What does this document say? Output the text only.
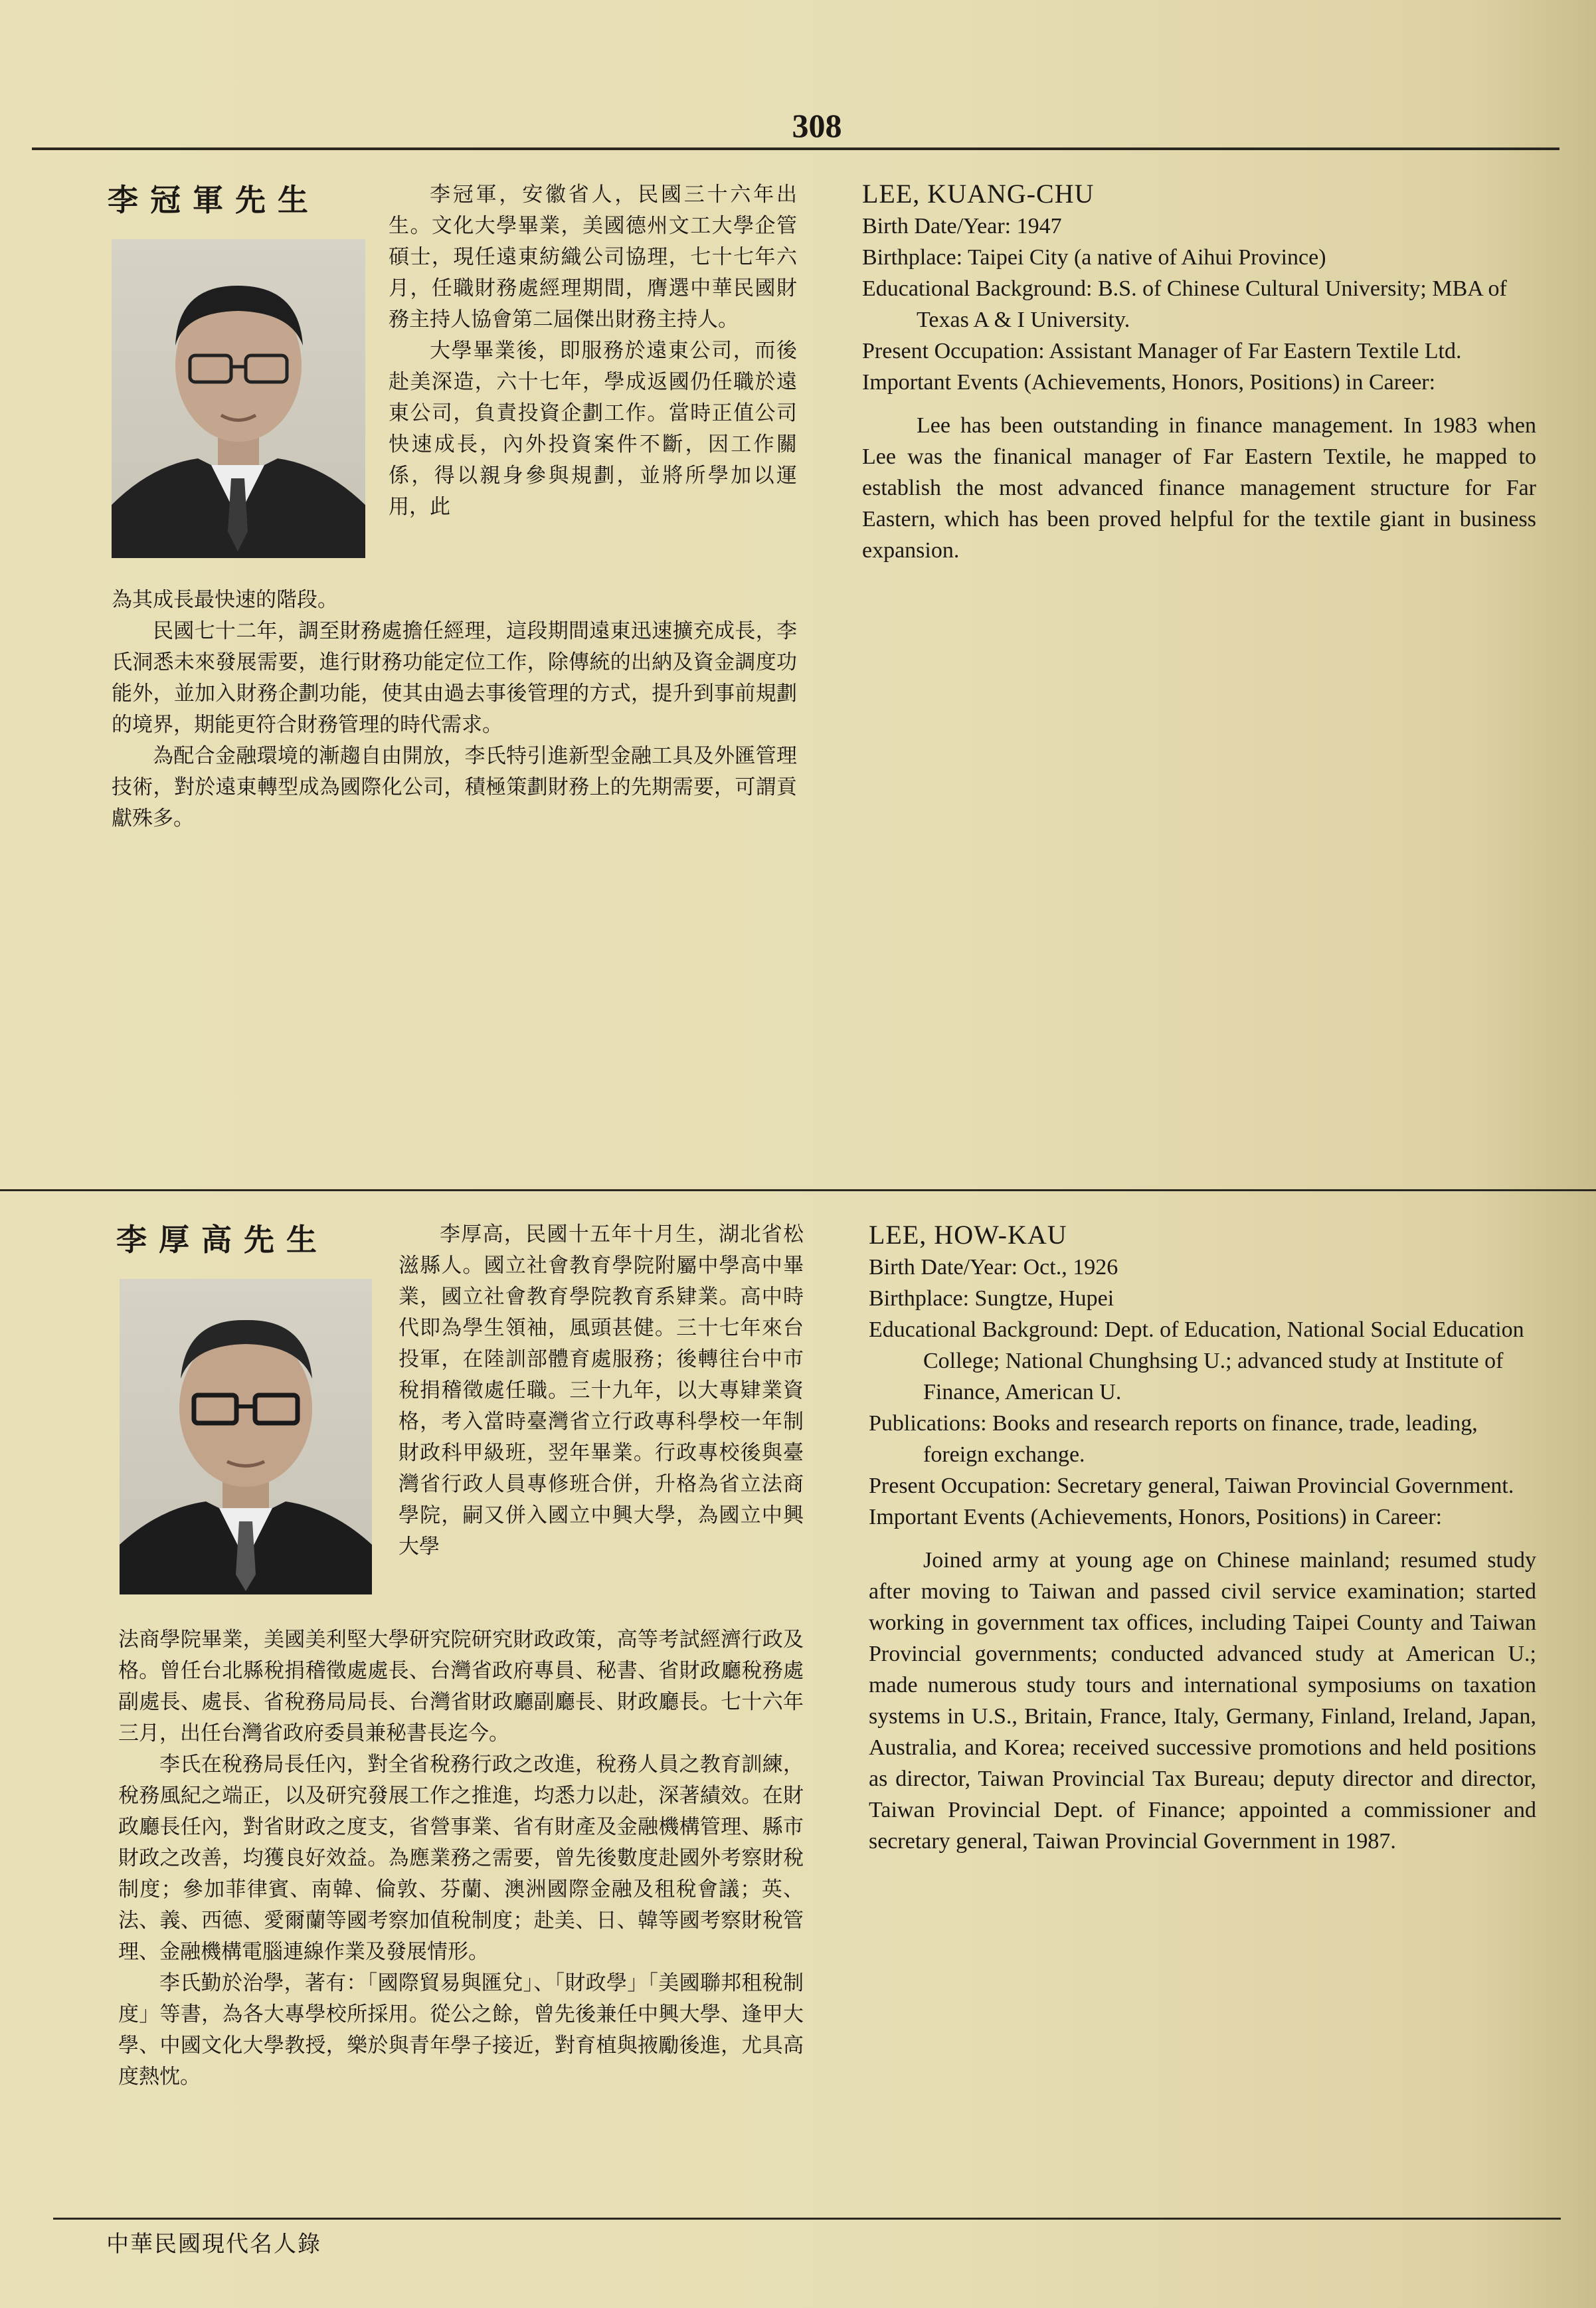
308
李冠軍先生	李冠軍，安徽省人，民國三十六年出生。文化大學畢業，美國德州文工大學企管碩士，現任遠東紡織公司協理，七十七年六月，任職財務處經理期間，膺選中華民國財務主持人協會第二屆傑出財務主持人。

大學畢業後，即服務於遠東公司，而後赴美深造，六十七年，學成返國仍任職於遠東公司，負責投資企劃工作。當時正值公司快速成長，內外投資案件不斷，因工作關係，得以親身參與規劃，並將所學加以運用，此

為其成長最快速的階段。

民國七十二年，調至財務處擔任經理，這段期間遠東迅速擴充成長，李氏洞悉未來發展需要，進行財務功能定位工作，除傳統的出納及資金調度功能外，並加入財務企劃功能，使其由過去事後管理的方式，提升到事前規劃的境界，期能更符合財務管理的時代需求。

為配合金融環境的漸趨自由開放，李氏特引進新型金融工具及外匯管理技術，對於遠東轉型成為國際化公司，積極策劃財務上的先期需要，可謂貢獻殊多。

LEE, KUANG-CHU

Birth Date/Year: 1947

Birthplace: Taipei City (a native of Aihui Province)

Educational Background: B.S. of Chinese Cultural University; MBA of Texas A & I University.

Present Occupation: Assistant Manager of Far Eastern Textile Ltd.

Important Events (Achievements, Honors, Positions) in Career:

Lee has been outstanding in finance management. In 1983 when Lee was the finanical manager of Far Eastern Textile, he mapped to establish the most advanced finance management structure for Far Eastern, which has been proved helpful for the textile giant in business expansion.

李厚高先生	李厚高，民國十五年十月生，湖北省松滋縣人。國立社會教育學院附屬中學高中畢業，國立社會教育學院教育系肄業。高中時代即為學生領袖，風頭甚健。三十七年來台投軍，在陸訓部體育處服務；後轉往台中市稅捐稽徵處任職。三十九年，以大專肄業資格，考入當時臺灣省立行政專科學校一年制財政科甲級班，翌年畢業。行政專校後與臺灣省行政人員專修班合併，升格為省立法商學院，嗣又併入國立中興大學，為國立中興大學

法商學院畢業，美國美利堅大學研究院研究財政政策，高等考試經濟行政及格。曾任台北縣稅捐稽徵處處長、台灣省政府專員、秘書、省財政廳稅務處副處長、處長、省稅務局局長、台灣省財政廳副廳長、財政廳長。七十六年三月，出任台灣省政府委員兼秘書長迄今。

李氏在稅務局長任內，對全省稅務行政之改進，稅務人員之教育訓練，稅務風紀之端正，以及研究發展工作之推進，均悉力以赴，深著績效。在財政廳長任內，對省財政之度支，省營事業、省有財產及金融機構管理、縣市財政之改善，均獲良好效益。為應業務之需要，曾先後數度赴國外考察財稅制度；參加菲律賓、南韓、倫敦、芬蘭、澳洲國際金融及租稅會議；英、法、義、西德、愛爾蘭等國考察加值稅制度；赴美、日、韓等國考察財稅管理、金融機構電腦連線作業及發展情形。

李氏勤於治學，著有：「國際貿易與匯兌」、「財政學」「美國聯邦租稅制度」等書，為各大專學校所採用。從公之餘，曾先後兼任中興大學、逢甲大學、中國文化大學教授，樂於與青年學子接近，對育植與掖勵後進，尤具高度熱忱。

LEE, HOW-KAU

Birth Date/Year: Oct., 1926

Birthplace: Sungtze, Hupei

Educational Background: Dept. of Education, National Social Education College; National Chunghsing U.; advanced study at Institute of Finance, American U.

Publications: Books and research reports on finance, trade, leading, foreign exchange.

Present Occupation: Secretary general, Taiwan Provincial Government.

Important Events (Achievements, Honors, Positions) in Career:

Joined army at young age on Chinese mainland; resumed study after moving to Taiwan and passed civil service examination; started working in government tax offices, including Taipei County and Taiwan Provincial governments; conducted advanced study at American U.; made numerous study tours and international symposiums on taxation systems in U.S., Britain, France, Italy, Germany, Finland, Ireland, Japan, Australia, and Korea; received successive promotions and held positions as director, Taiwan Provincial Tax Bureau; deputy director and director, Taiwan Provincial Dept. of Finance; appointed a commissioner and secretary general, Taiwan Provincial Government in 1987.

中華民國現代名人錄
